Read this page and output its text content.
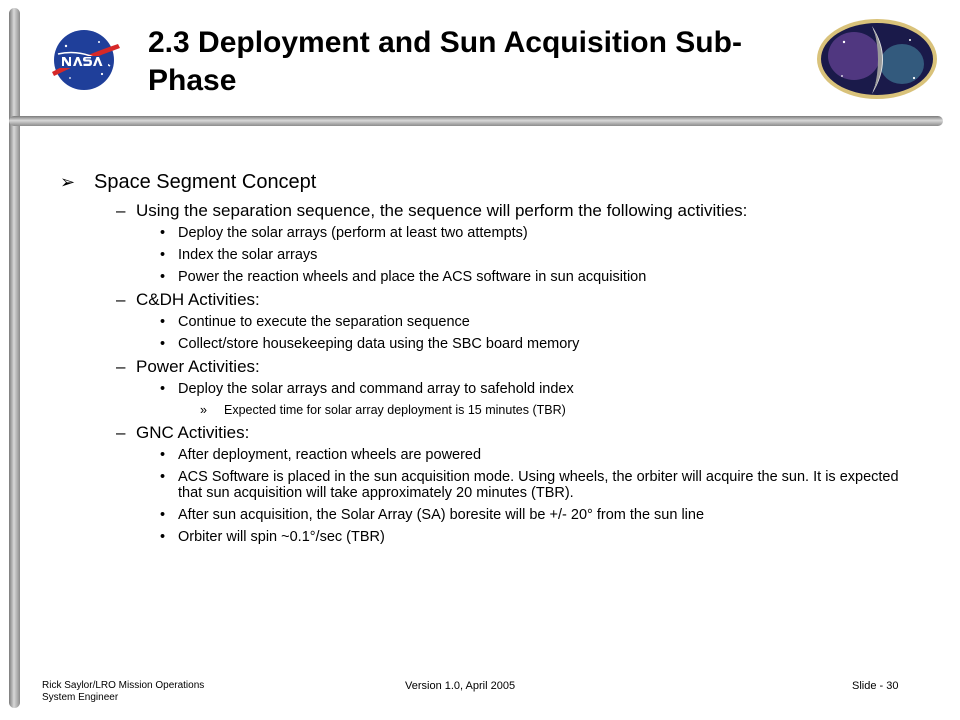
2.3 Deployment and Sun Acquisition Sub-Phase
➢ Space Segment Concept
– Using the separation sequence, the sequence will perform the following activities:
• Deploy the solar arrays (perform at least two attempts)
• Index the solar arrays
• Power the reaction wheels and place the ACS software in sun acquisition
– C&DH Activities:
• Continue to execute the separation sequence
• Collect/store housekeeping data using the SBC board memory
– Power Activities:
• Deploy the solar arrays and command array to safehold index
» Expected time for solar array deployment is 15 minutes (TBR)
– GNC Activities:
• After deployment, reaction wheels are powered
• ACS Software is placed in the sun acquisition mode. Using wheels, the orbiter will acquire the sun. It is expected that sun acquisition will take approximately 20 minutes (TBR).
• After sun acquisition, the Solar Array (SA) boresite will be +/- 20° from the sun line
• Orbiter will spin ~0.1°/sec (TBR)
Rick Saylor/LRO Mission Operations
System Engineer
Version 1.0, April 2005	Slide - 30
